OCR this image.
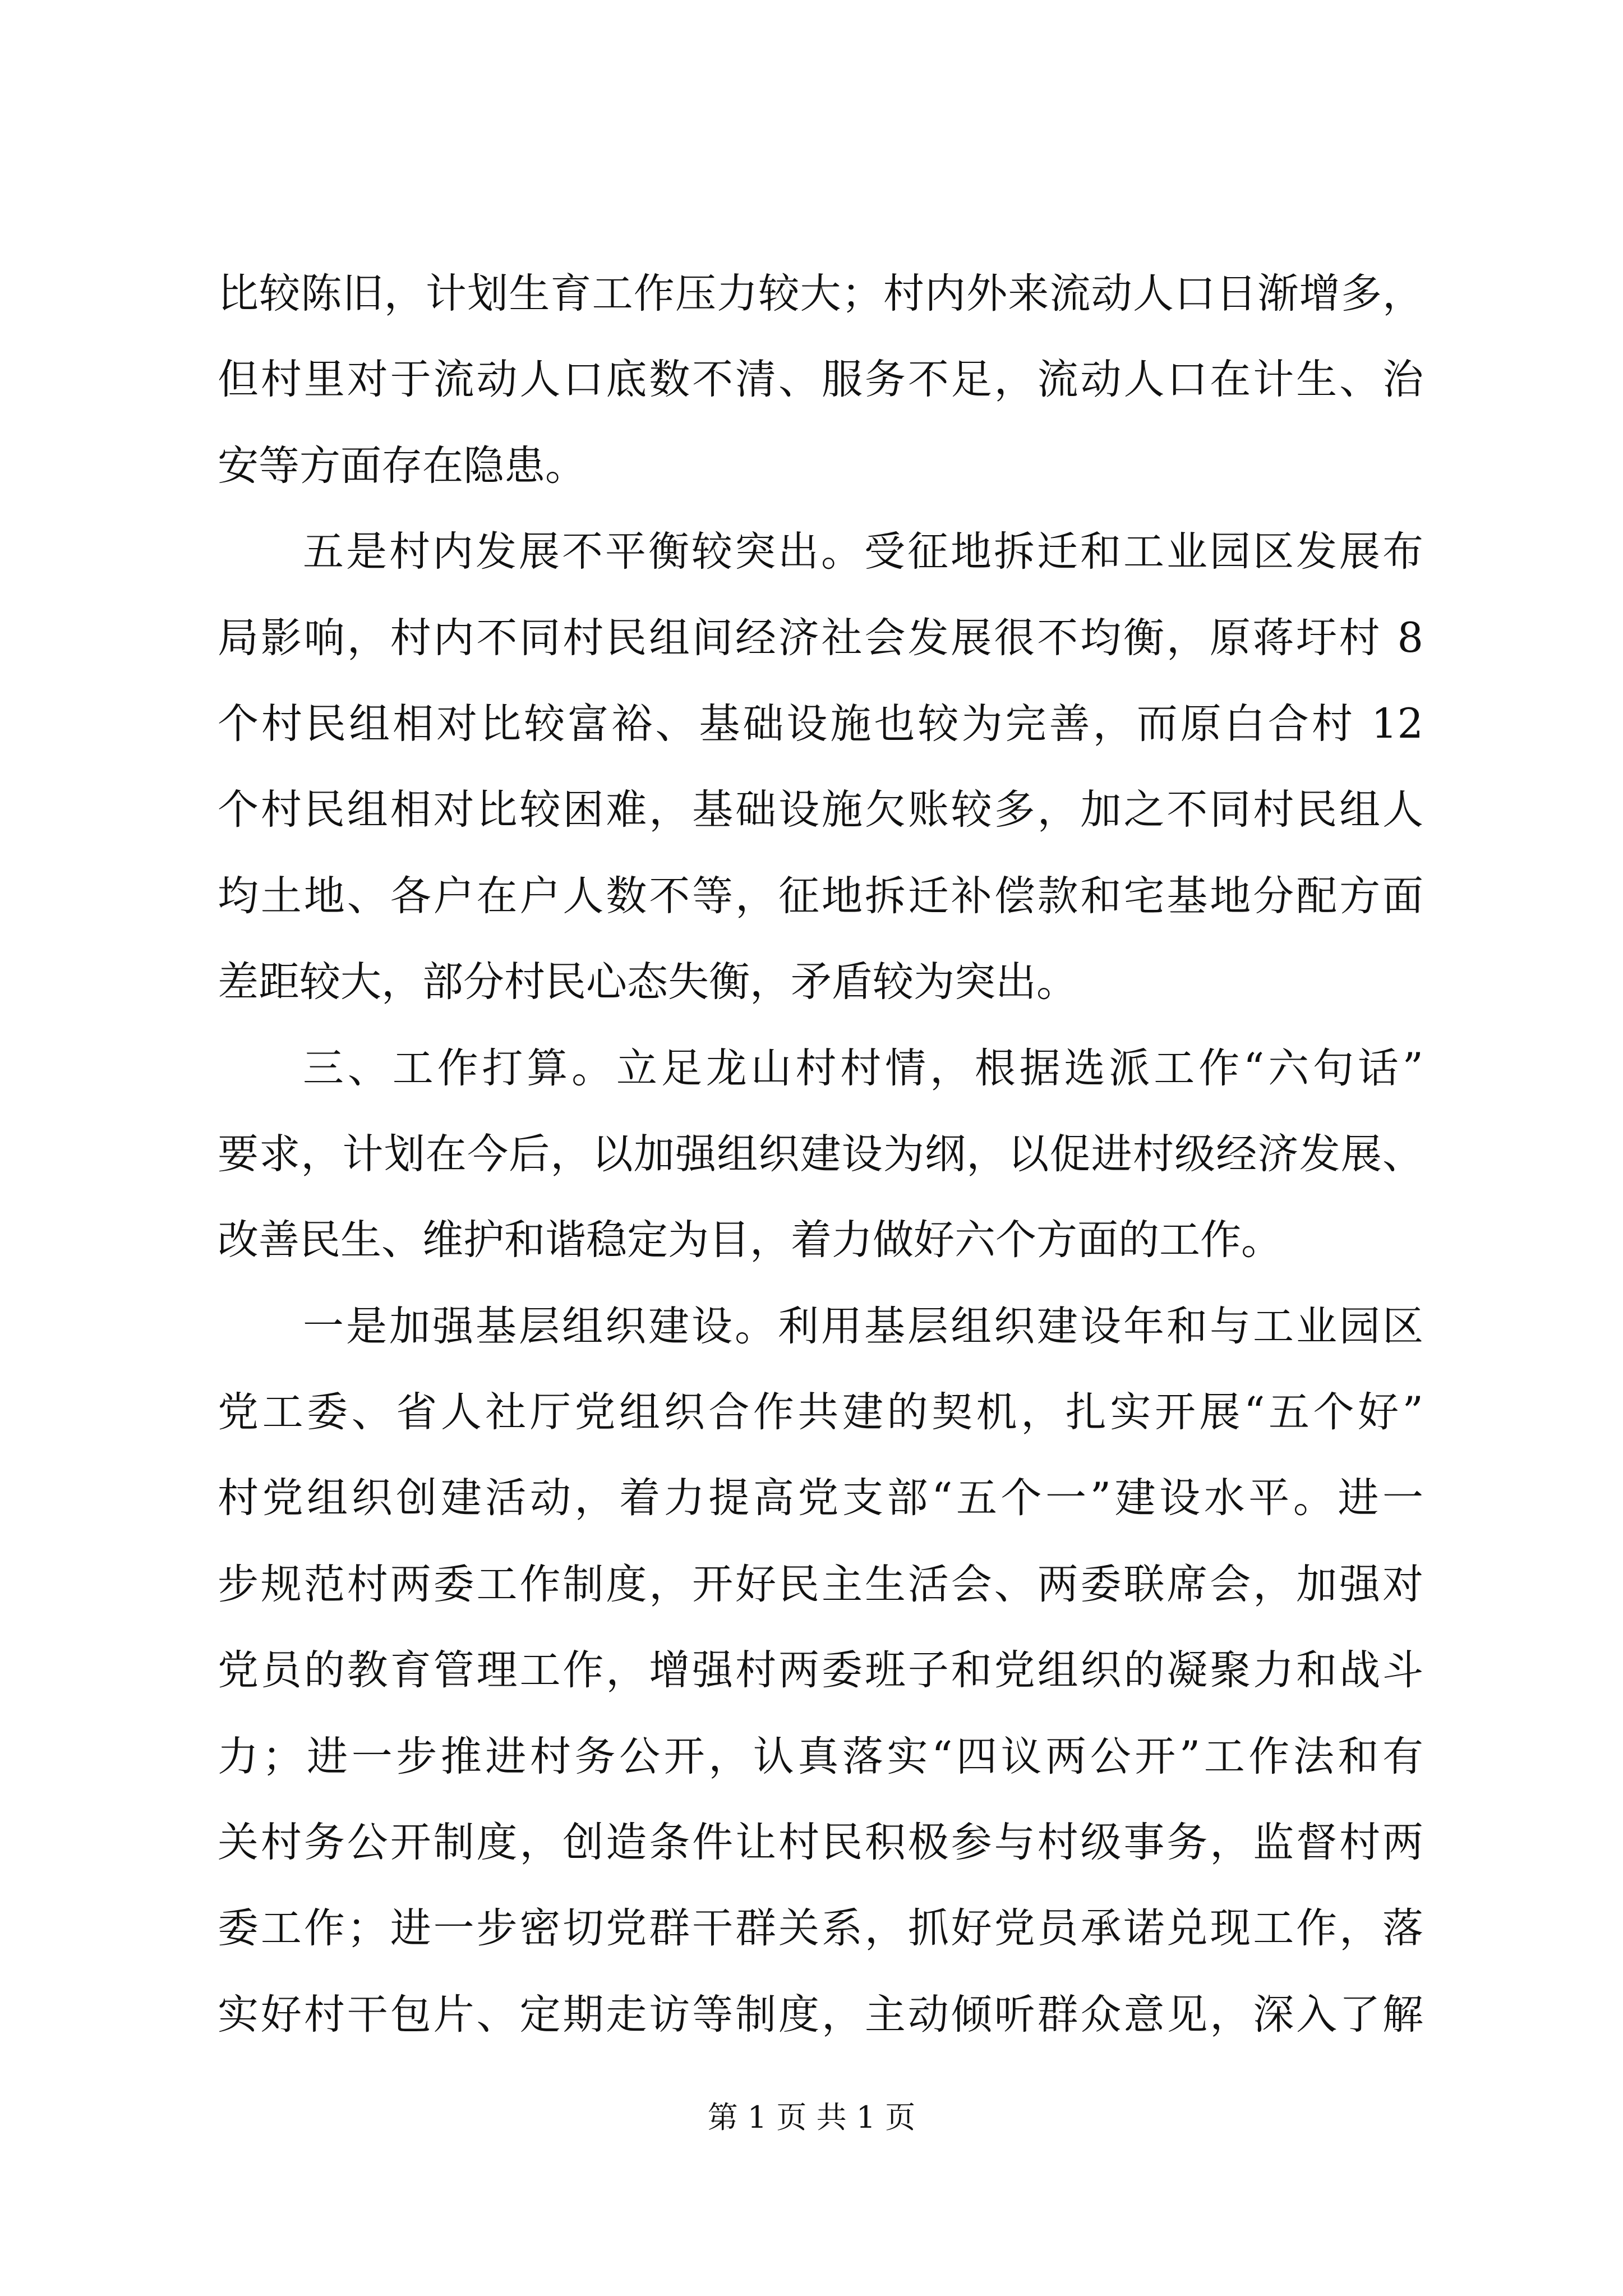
比较陈旧，计划生育工作压力较大；村内外来流动人口日渐增多，
但村里对于流动人口底数不清、服务不足，流动人口在计生、治
安等方面存在隐患。
五是村内发展不平衡较突出。受征地拆迁和工业园区发展布
局影响，村内不同村民组间经济社会发展很不均衡，原蒋圩村 8
个村民组相对比较富裕、基础设施也较为完善，而原白合村 12
个村民组相对比较困难，基础设施欠账较多，加之不同村民组人
均土地、各户在户人数不等，征地拆迁补偿款和宅基地分配方面
差距较大，部分村民心态失衡，矛盾较为突出。
三、工作打算。立足龙山村村情，根据选派工作“六句话”
要求，计划在今后，以加强组织建设为纲，以促进村级经济发展、
改善民生、维护和谐稳定为目，着力做好六个方面的工作。
一是加强基层组织建设。利用基层组织建设年和与工业园区
党工委、省人社厅党组织合作共建的契机，扎实开展“五个好”
村党组织创建活动，着力提高党支部“五个一”建设水平。进一
步规范村两委工作制度，开好民主生活会、两委联席会，加强对
党员的教育管理工作，增强村两委班子和党组织的凝聚力和战斗
力；进一步推进村务公开，认真落实“四议两公开”工作法和有
关村务公开制度，创造条件让村民积极参与村级事务，监督村两
委工作；进一步密切党群干群关系，抓好党员承诺兑现工作，落
实好村干包片、定期走访等制度，主动倾听群众意见，深入了解
第 1 页 共 1 页
